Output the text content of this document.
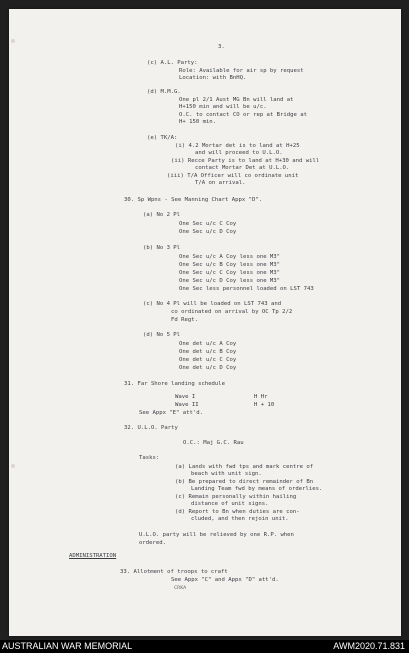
3.
(c) A.L. Party:
Role: Available for air sp by request
Location: with BnHQ.
(d) M.M.G.
One pl 2/1 Aust MG Bn will land at
H+150 min and will be u/c.
O.C. to contact CO or rep at Bridge at
H+ 150 min.
(e) TK/A:
(i) 4.2 Mortar det is to land at H+25
and will proceed to U.L.O.
(ii) Recce Party is to land at H+30 and will
contact Mortar Det at U.L.O.
(iii) T/A Officer will co ordinate unit
T/A on arrival.
30. Sp Wpns - See Manning Chart Appx "D".
(a) No 2 Pl
One Sec u/c C Coy
One Sec u/c D Coy
(b) No 3 Pl
One Sec u/c A Coy less one M3"
One Sec u/c B Coy less one M3"
One Sec u/c C Coy less one M3"
One Sec u/c D Coy less one M3"
One Sec less personnel loaded on LST 743
(c) No 4 Pl will be loaded on LST 743 and
co ordinated on arrival by OC Tp 2/2
Fd Regt.
(d) No 5 Pl
One det u/c A Coy
One det u/c B Coy
One det u/c C Coy
One det u/c D Coy
31. Far Shore landing schedule
Wave I	H Hr
Wave II	H + 10
See Appx "E" att'd.
32. U.L.O. Party
O.C.: Maj G.C. Rau
Tasks:
(a) Lands with fwd tps and mark centre of
beach with unit sign.
(b) Be prepared to direct remainder of Bn
Landing Team fwd by means of orderlies.
(c) Remain personally within hailing
distance of unit signs.
(d) Report to Bn when duties are con-
cluded, and then rejoin unit.
U.L.O. party will be relieved by one R.P. when
ordered.
ADMINISTRATION
33. Allotment of troops to craft
See Appx "C" and Appx "D" att'd.
CRKA
AUSTRALIAN WAR MEMORIAL	AWM2020.71.831
